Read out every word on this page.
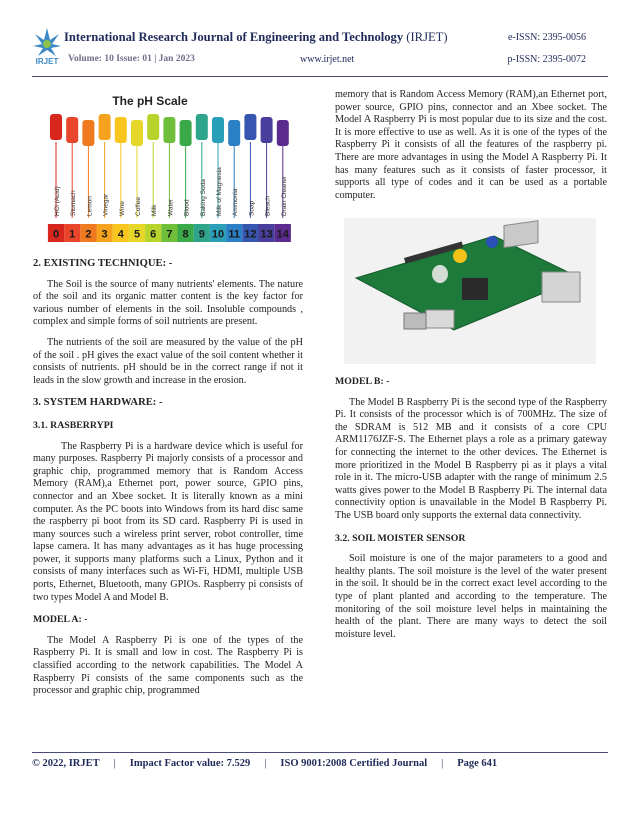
IRJET
International Research Journal of Engineering and Technology (IRJET)	e-ISSN: 2395-0056
Volume: 10 Issue: 01 | Jan 2023	www.irjet.net	p-ISSN: 2395-0072
The pH Scale
HCl (Acid) Stomach Lemon Vinegar Wine Coffee Milk Water Blood Baking Soda Milk of Magnesia Ammonia Soap Bleach Drain Cleaner
0 1 2 3 4 5 6 7 8 9 10 11 12 13 14
2. EXISTING TECHNIQUE: -

The Soil is the source of many nutrients' elements. The nature of the soil and its organic matter content is the key factor for various number of elements in the soil. Insoluble compounds , complex and simple forms of soil nutrients are present.

The nutrients of the soil are measured by the value of the pH of the soil . pH gives the exact value of the soil content whether it consists of nutrients. pH should be in the correct range if not it leads in the slow growth and increase in the erosion.

3. SYSTEM HARDWARE: -
3.1. RASBERRYPI

The Raspberry Pi is a hardware device which is useful for many purposes. Raspberry Pi majorly consists of a processor and graphic chip, programmed memory that is Random Access Memory (RAM),a Ethernet port, power source, GPIO pins, connector and an Xbee socket. It is literally known as a mini computer. As the PC boots into Windows from its hard disc same the raspberry pi boot from its SD card. Raspberry Pi is used in many sources such a wireless print server, robot controller, time lapse camera. It has many advantages as it has huge processing power, it supports many platforms such a Linux, Python and it consists of many interfaces such as Wi-Fi, HDMI, multiple USB ports, Ethernet, Bluetooth, many GPIOs. Raspberry pi consists of two types Model A and Model B.

MODEL A: -

The Model A Raspberry Pi is one of the types of the Raspberry Pi. It is small and low in cost. The Raspberry Pi is classified according to the network capabilities. The Model A Raspberry Pi consists of the same components such as the processor and graphic chip, programmed

memory that is Random Access Memory (RAM),an Ethernet port, power source, GPIO pins, connector and an Xbee socket. The Model A Raspberry Pi is most popular due to its size and the cost. It is more effective to use as well. As it is one of the types of the Raspberry Pi it consists of all the features of the raspberry pi. There are more advantages in using the Model A Raspberry Pi. It has many features such as it consists of faster processor, it supports all type of codes and it can be used as a portable computer.

MODEL B: -

The Model B Raspberry Pi is the second type of the Raspberry Pi. It consists of the processor which is of 700MHz. The size of the SDRAM is 512 MB and it consists of a core CPU ARM1176JZF-S. The Ethernet plays a role as a primary gateway for connecting the internet to the other devices. The Ethernet is more prioritized in the Model B Raspberry pi as it plays a vital role in it. The micro-USB adapter with the range of minimum 2.5 watts gives power to the Model B Raspberry Pi. The internal data connectivity option is unavailable in the Model B Raspberry Pi. The USB board only supports the external data connectivity.

3.2. SOIL MOISTER SENSOR

Soil moisture is one of the major parameters to a good and healthy plants. The soil moisture is the level of the water present in the soil. It should be in the correct exact level according to the type of plant planted and according to the temperature. The monitoring of the soil moisture level helps in maintaining the health of the plant. There are many ways to detect the soil moisture level.

© 2022, IRJET | Impact Factor value: 7.529 | ISO 9001:2008 Certified Journal | Page 641
